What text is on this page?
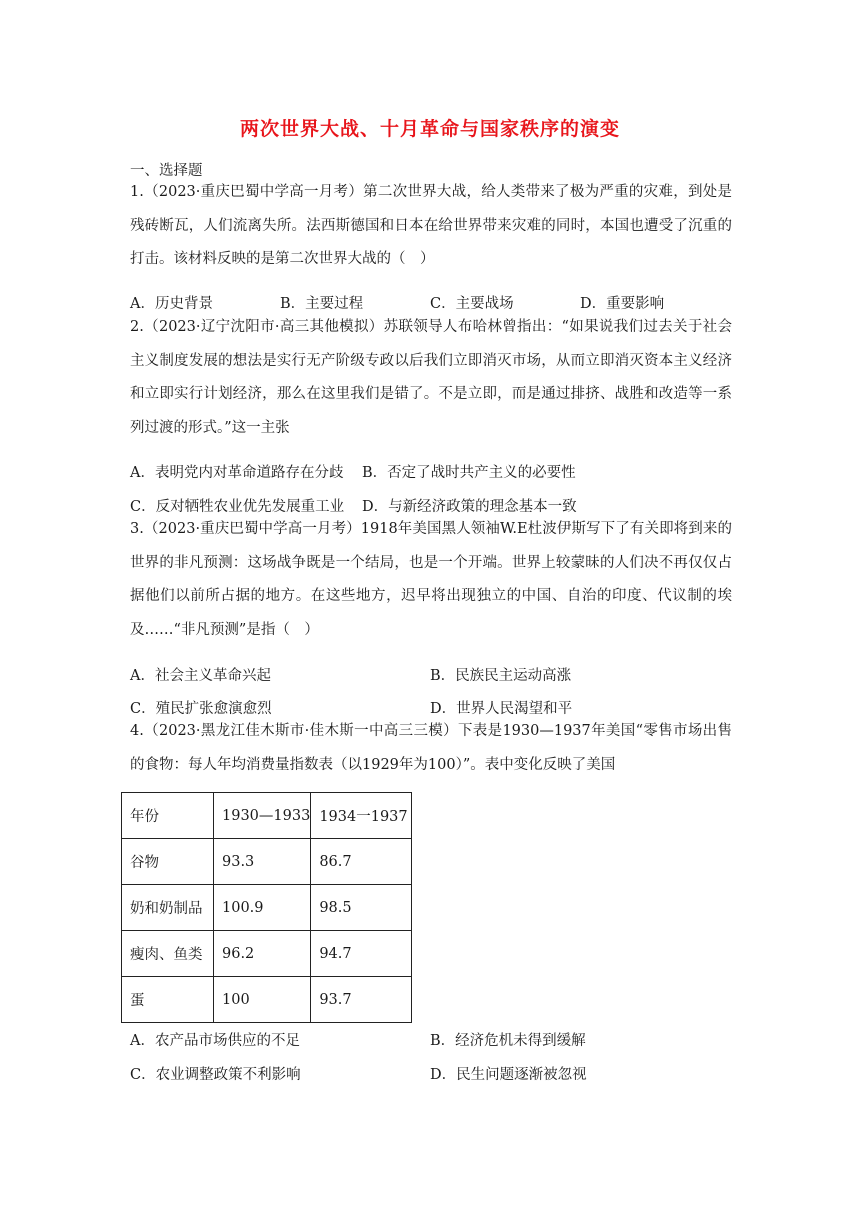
两次世界大战、十月革命与国家秩序的演变
一、选择题
1.（2023·重庆巴蜀中学高一月考）第二次世界大战，给人类带来了极为严重的灾难，到处是残砖断瓦，人们流离失所。法西斯德国和日本在给世界带来灾难的同时，本国也遭受了沉重的打击。该材料反映的是第二次世界大战的（　）
A．历史背景	B．主要过程	C．主要战场	D．重要影响
2.（2023·辽宁沈阳市·高三其他模拟）苏联领导人布哈林曾指出：“如果说我们过去关于社会主义制度发展的想法是实行无产阶级专政以后我们立即消灭市场，从而立即消灭资本主义经济和立即实行计划经济，那么在这里我们是错了。不是立即，而是通过排挤、战胜和改造等一系列过渡的形式。”这一主张
A．表明党内对革命道路存在分歧 B．否定了战时共产主义的必要性
C．反对牺牲农业优先发展重工业 D．与新经济政策的理念基本一致
3.（2023·重庆巴蜀中学高一月考）1918年美国黑人领袖W.E杜波伊斯写下了有关即将到来的世界的非凡预测：这场战争既是一个结局，也是一个开端。世界上较蒙昧的人们决不再仅仅占据他们以前所占据的地方。在这些地方，迟早将出现独立的中国、自治的印度、代议制的埃及……“非凡预测”是指（　）
A．社会主义革命兴起	B．民族民主运动高涨
C．殖民扩张愈演愈烈	D．世界人民渴望和平
4.（2023·黑龙江佳木斯市·佳木斯一中高三三模）下表是1930—1937年美国“零售市场出售的食物：每人年均消费量指数表（以1929年为100）”。表中变化反映了美国
年份	1930—1933	1934一1937
谷物	93.3	86.7
奶和奶制品	100.9	98.5
瘦肉、鱼类	96.2	94.7
蛋	100	93.7
A．农产品市场供应的不足	B．经济危机未得到缓解
C．农业调整政策不利影响	D．民生问题逐渐被忽视
